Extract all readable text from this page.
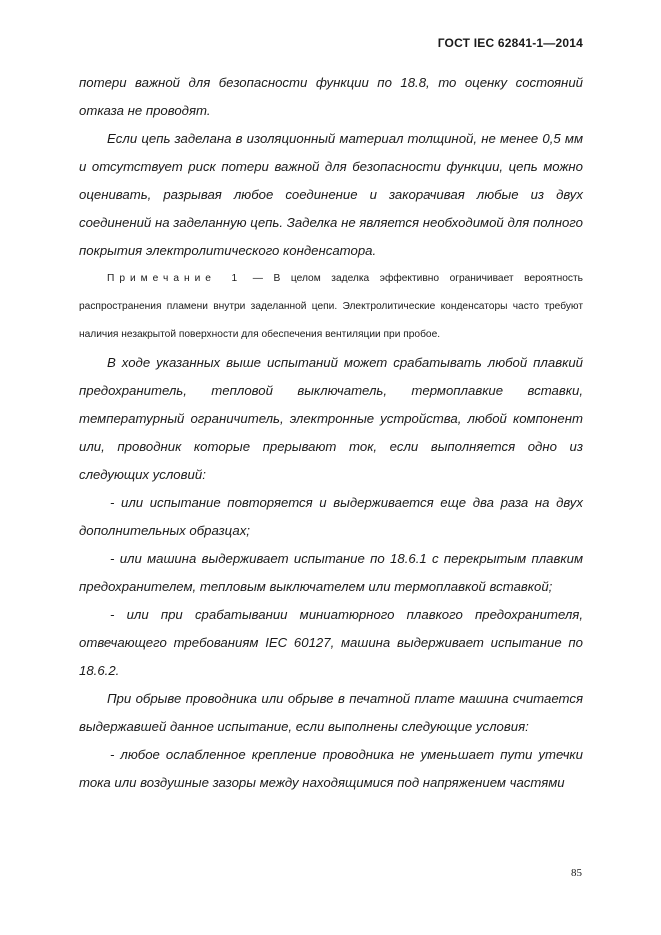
ГОСТ IEC 62841-1—2014

потери важной для безопасности функции по 18.8, то оценку состояний отказа не проводят.

Если цепь заделана в изоляционный материал толщиной, не менее 0,5 мм и отсутствует риск потери важной для безопасности функции, цепь можно оценивать, разрывая любое соединение и закорачивая любые из двух соединений на заделанную цепь. Заделка не является необходимой для полного покрытия электролитического конденсатора.

Примечание 1 — В целом заделка эффективно ограничивает вероятность распространения пламени внутри заделанной цепи. Электролитические конденсаторы часто требуют наличия незакрытой поверхности для обеспечения вентиляции при пробое.

В ходе указанных выше испытаний может срабатывать любой плавкий предохранитель, тепловой выключатель, термоплавкие вставки, температурный ограничитель, электронные устройства, любой компонент или, проводник которые прерывают ток, если выполняется одно из следующих условий:

- или испытание повторяется и выдерживается еще два раза на двух дополнительных образцах;

- или машина выдерживает испытание по 18.6.1 с перекрытым плавким предохранителем, тепловым выключателем или термоплавкой вставкой;

- или при срабатывании миниатюрного плавкого предохранителя, отвечающего требованиям IEC 60127, машина выдерживает испытание по 18.6.2.

При обрыве проводника или обрыве в печатной плате машина считается выдержавшей данное испытание, если выполнены следующие условия:

- любое ослабленное крепление проводника не уменьшает пути утечки тока или воздушные зазоры между находящимися под напряжением частями

85
